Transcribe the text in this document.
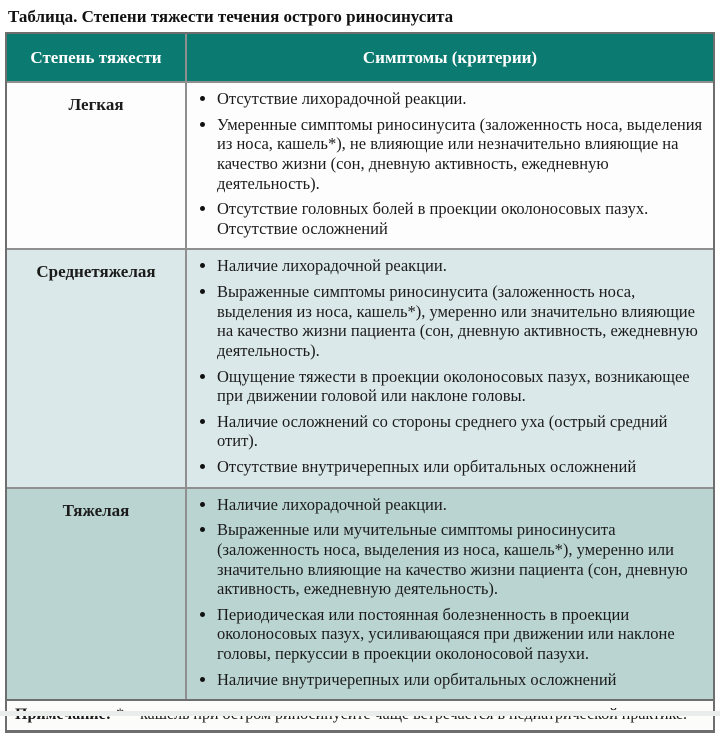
Таблица. Степени тяжести течения острого риносинусита
Степень тяжести	Симптомы (критерии)
Легкая	• Отсутствие лихорадочной реакции.
• Умеренные симптомы риносинусита (заложенность носа, выделения из носа, кашель*), не влияющие или незначительно влияющие на качество жизни (сон, дневную активность, ежедневную деятельность).
• Отсутствие головных болей в проекции околоносовых пазух. Отсутствие осложнений
Среднетяжелая	• Наличие лихорадочной реакции.
• Выраженные симптомы риносинусита (заложенность носа, выделения из носа, кашель*), умеренно или значительно влияющие на качество жизни пациента (сон, дневную активность, ежедневную деятельность).
• Ощущение тяжести в проекции околоносовых пазух, возникающее при движении головой или наклоне головы.
• Наличие осложнений со стороны среднего уха (острый средний отит).
• Отсутствие внутричерепных или орбитальных осложнений
Тяжелая	• Наличие лихорадочной реакции.
• Выраженные или мучительные симптомы риносинусита (заложенность носа, выделения из носа, кашель*), умеренно или значительно влияющие на качество жизни пациента (сон, дневную активность, ежедневную деятельность).
• Периодическая или постоянная болезненность в проекции околоносовых пазух, усиливающаяся при движении или наклоне головы, перкуссии в проекции околоносовой пазухи.
• Наличие внутричерепных или орбитальных осложнений
